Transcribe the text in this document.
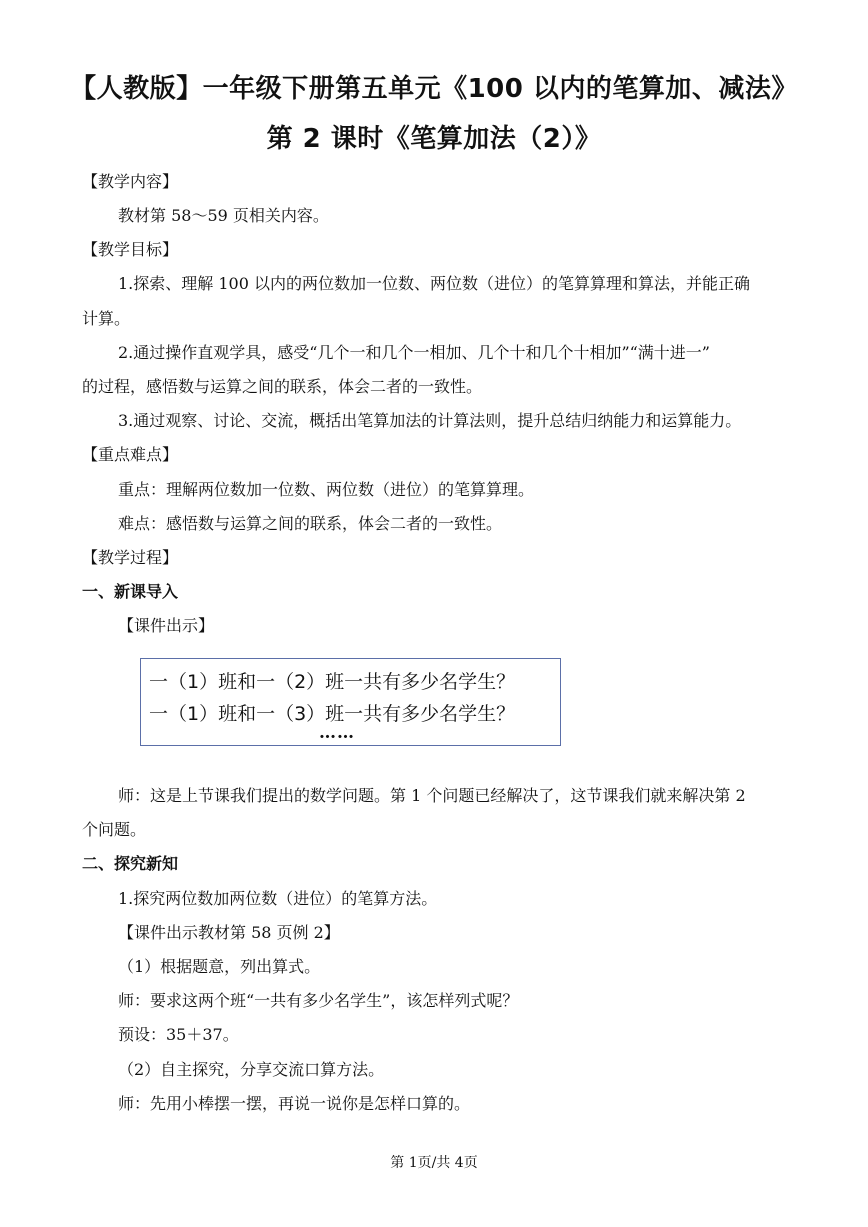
【人教版】一年级下册第五单元《100 以内的笔算加、减法》
第 2 课时《笔算加法（2）》
【教学内容】
教材第 58～59 页相关内容。
【教学目标】
1.探索、理解 100 以内的两位数加一位数、两位数（进位）的笔算算理和算法，并能正确
计算。
2.通过操作直观学具，感受“几个一和几个一相加、几个十和几个十相加”“满十进一”
的过程，感悟数与运算之间的联系，体会二者的一致性。
3.通过观察、讨论、交流，概括出笔算加法的计算法则，提升总结归纳能力和运算能力。
【重点难点】
重点：理解两位数加一位数、两位数（进位）的笔算算理。
难点：感悟数与运算之间的联系，体会二者的一致性。
【教学过程】
一、新课导入
【课件出示】
一（1）班和一（2）班一共有多少名学生？
一（1）班和一（3）班一共有多少名学生？
……
师：这是上节课我们提出的数学问题。第 1 个问题已经解决了，这节课我们就来解决第 2
个问题。
二、探究新知
1.探究两位数加两位数（进位）的笔算方法。
【课件出示教材第 58 页例 2】
（1）根据题意，列出算式。
师：要求这两个班“一共有多少名学生”，该怎样列式呢？
预设：35＋37。
（2）自主探究，分享交流口算方法。
师：先用小棒摆一摆，再说一说你是怎样口算的。
第 1页/共 4页
